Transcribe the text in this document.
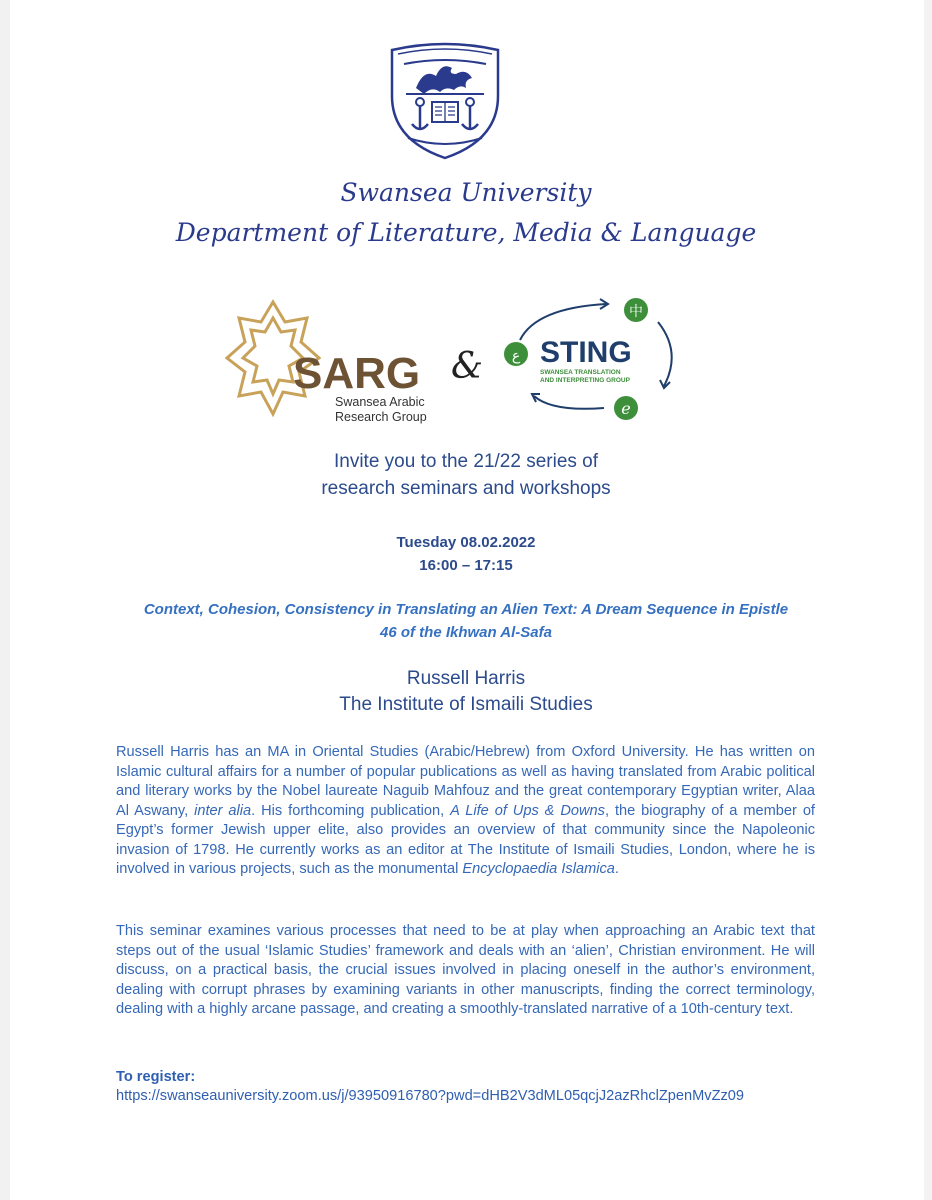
Swansea University
Department of Literature, Media & Language
SARG
Swansea Arabic
Research Group
&
中
ع
e
STING
SWANSEA TRANSLATION
AND INTERPRETING GROUP
Invite you to the 21/22 series of
research seminars and workshops
Tuesday 08.02.2022
16:00 – 17:15
Context, Cohesion, Consistency in Translating an Alien Text: A Dream Sequence in Epistle
46 of the Ikhwan Al-Safa
Russell Harris
The Institute of Ismaili Studies

Russell Harris has an MA in Oriental Studies (Arabic/Hebrew) from Oxford University. He has written on Islamic cultural affairs for a number of popular publications as well as having translated from Arabic political and literary works by the Nobel laureate Naguib Mahfouz and the great contemporary Egyptian writer, Alaa Al Aswany, inter alia. His forthcoming publication, A Life of Ups & Downs, the biography of a member of Egypt’s former Jewish upper elite, also provides an overview of that community since the Napoleonic invasion of 1798. He currently works as an editor at The Institute of Ismaili Studies, London, where he is involved in various projects, such as the monumental Encyclopaedia Islamica.

This seminar examines various processes that need to be at play when approaching an Arabic text that steps out of the usual ‘Islamic Studies’ framework and deals with an ‘alien’, Christian environment. He will discuss, on a practical basis, the crucial issues involved in placing oneself in the author’s environment, dealing with corrupt phrases by examining variants in other manuscripts, finding the correct terminology, dealing with a highly arcane passage, and creating a smoothly-translated narrative of a 10th-century text.

To register:
https://swanseauniversity.zoom.us/j/93950916780?pwd=dHB2V3dML05qcjJ2azRhclZpenMvZz09
